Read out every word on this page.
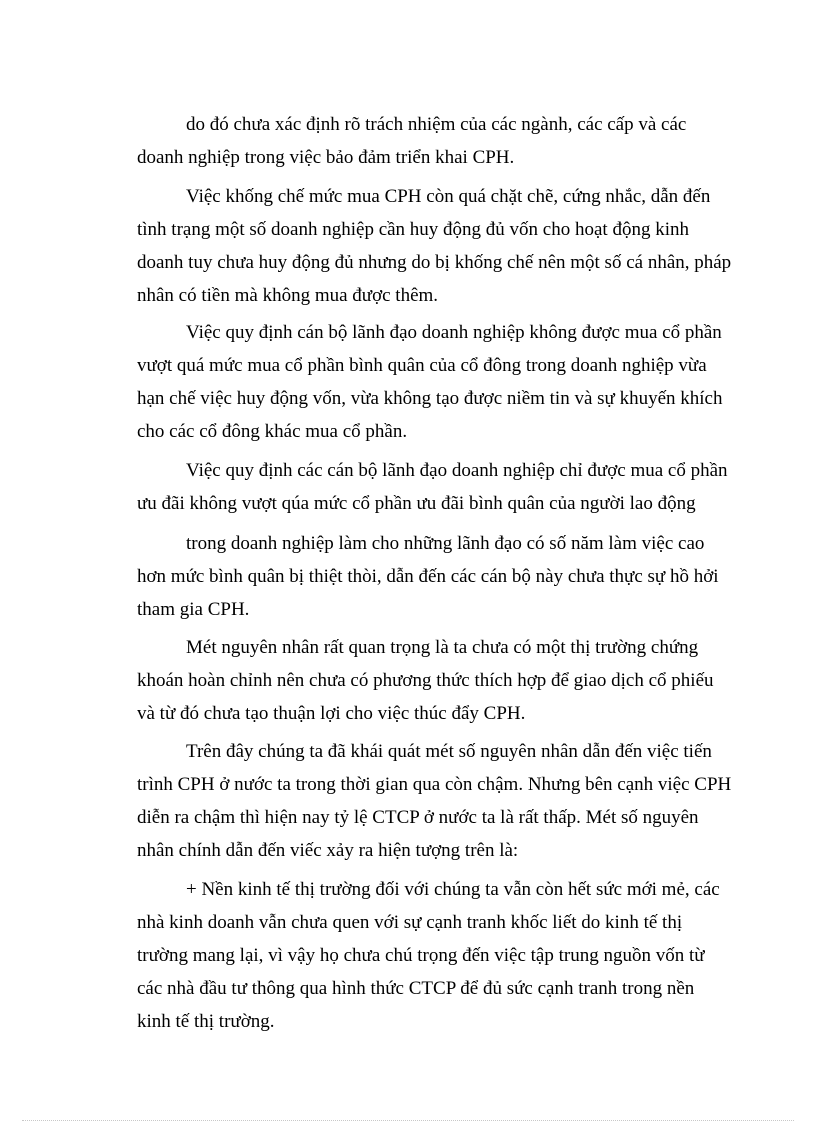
do đó chưa xác định rõ trách nhiệm của các ngành, các cấp và các
doanh nghiệp trong việc bảo đảm triển khai CPH.
Việc khống chế mức mua CPH còn quá chặt chẽ, cứng nhắc, dẫn đến
tình trạng một số doanh nghiệp cần huy động đủ vốn cho hoạt động kinh
doanh tuy chưa huy động đủ nhưng do bị khống chế nên một số cá nhân, pháp
nhân có tiền mà không mua được thêm.
Việc quy định cán bộ lãnh đạo doanh nghiệp không được mua cổ phần
vượt quá mức mua cổ phần bình quân của cổ đông trong doanh nghiệp vừa
hạn chế việc huy động vốn, vừa không tạo được niềm tin và sự khuyến khích
cho các cổ đông khác mua cổ phần.
Việc quy định các cán bộ lãnh đạo doanh nghiệp chỉ được mua cổ phần
ưu đãi không vượt qúa mức cổ phần ưu đãi bình quân của người lao động
trong doanh nghiệp làm cho những lãnh đạo có số năm làm việc cao
hơn mức bình quân bị thiệt thòi, dẫn đến các cán bộ này chưa thực sự hồ hởi
tham gia CPH.
Mét nguyên nhân rất quan trọng là ta chưa có một thị trường chứng
khoán hoàn chỉnh nên chưa có phương thức thích hợp để giao dịch cổ phiếu
và từ đó chưa tạo thuận lợi cho việc thúc đẩy CPH.
Trên đây chúng ta đã khái quát mét số nguyên nhân dẫn đến việc tiến
trình CPH ở nước ta trong thời gian qua còn chậm. Nhưng bên cạnh việc CPH
diễn ra chậm thì hiện nay tỷ lệ CTCP ở nước ta là rất thấp. Mét số nguyên
nhân chính dẫn đến viếc xảy ra hiện tượng trên là:
+ Nền kinh tế thị trường đối với chúng ta vẫn còn hết sức mới mẻ, các
nhà kinh doanh vẫn chưa quen với sự cạnh tranh khốc liết do kinh tế thị
trường mang lại, vì vậy họ chưa chú trọng đến việc tập trung nguồn vốn từ
các nhà đầu tư thông qua hình thức CTCP để đủ sức cạnh tranh trong nền
kinh tế thị trường.
